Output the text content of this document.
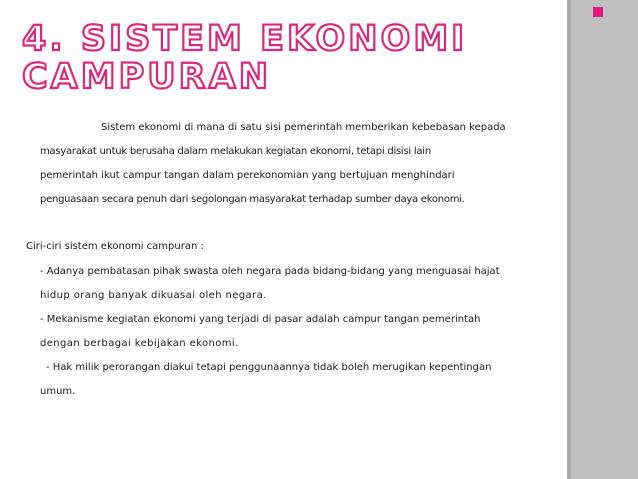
4. SISTEM EKONOMI
CAMPURAN
Sistem ekonomi di mana di satu sisi pemerintah memberikan kebebasan kepada
masyarakat untuk berusaha dalam melakukan kegiatan ekonomi, tetapi disisi lain
pemerintah ikut campur tangan dalam perekonomian yang bertujuan menghindari
penguasaan secara penuh dari segolongan masyarakat terhadap sumber daya ekonomi.
Ciri-ciri sistem ekonomi campuran :
- Adanya pembatasan pihak swasta oleh negara pada bidang-bidang yang menguasai hajat
hidup orang banyak dikuasai oleh negara.
- Mekanisme kegiatan ekonomi yang terjadi di pasar adalah campur tangan pemerintah
dengan berbagai kebijakan ekonomi.
- Hak milik perorangan diakui tetapi penggunaannya tidak boleh merugikan kepentingan
umum.
